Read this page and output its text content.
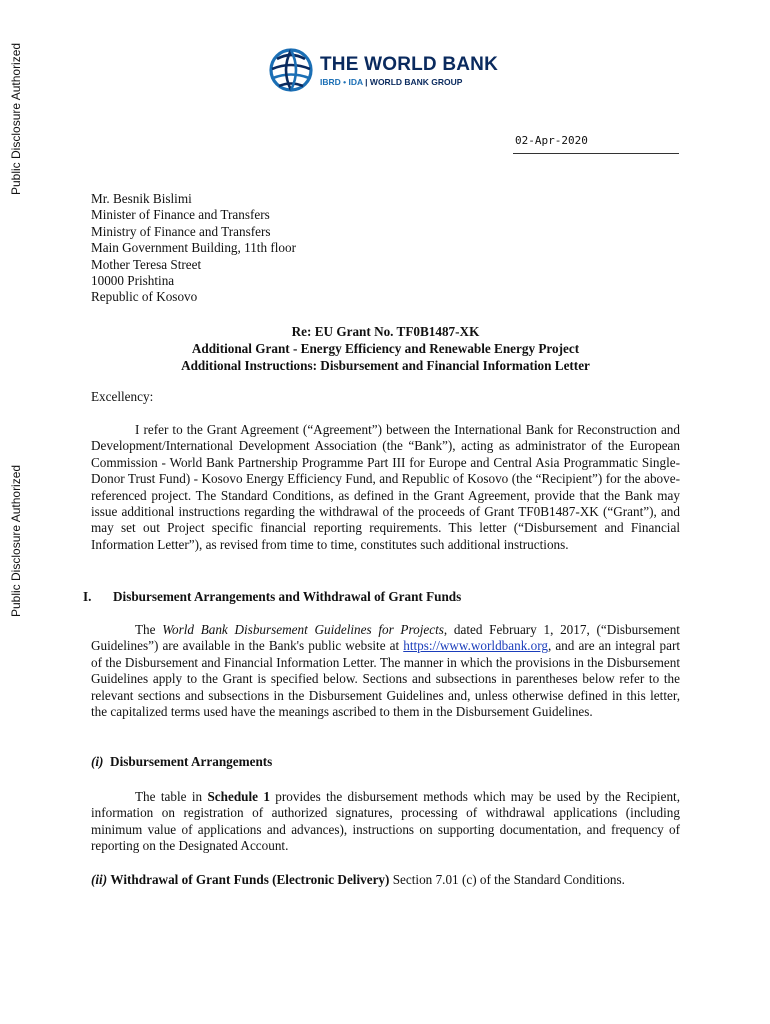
Public Disclosure Authorized
Public Disclosure Authorized
THE WORLD BANK
IBRD • IDA | WORLD BANK GROUP
02-Apr-2020
Mr. Besnik Bislimi
Minister of Finance and Transfers
Ministry of Finance and Transfers
Main Government Building, 11th floor
Mother Teresa Street
10000 Prishtina
Republic of Kosovo
Re: EU Grant No. TF0B1487-XK
Additional Grant - Energy Efficiency and Renewable Energy Project
Additional Instructions: Disbursement and Financial Information Letter
Excellency:
I refer to the Grant Agreement (“Agreement”) between the International Bank for Reconstruction and Development/International Development Association (the “Bank”), acting as administrator of the European Commission - World Bank Partnership Programme Part III for Europe and Central Asia Programmatic Single-Donor Trust Fund) - Kosovo Energy Efficiency Fund, and Republic of Kosovo (the “Recipient”) for the above-referenced project. The Standard Conditions, as defined in the Grant Agreement, provide that the Bank may issue additional instructions regarding the withdrawal of the proceeds of Grant TF0B1487-XK (“Grant”), and may set out Project specific financial reporting requirements. This letter (“Disbursement and Financial Information Letter”), as revised from time to time, constitutes such additional instructions.
I. Disbursement Arrangements and Withdrawal of Grant Funds
The World Bank Disbursement Guidelines for Projects, dated February 1, 2017, (“Disbursement Guidelines”) are available in the Bank's public website at https://www.worldbank.org, and are an integral part of the Disbursement and Financial Information Letter. The manner in which the provisions in the Disbursement Guidelines apply to the Grant is specified below. Sections and subsections in parentheses below refer to the relevant sections and subsections in the Disbursement Guidelines and, unless otherwise defined in this letter, the capitalized terms used have the meanings ascribed to them in the Disbursement Guidelines.
(i) Disbursement Arrangements
The table in Schedule 1 provides the disbursement methods which may be used by the Recipient, information on registration of authorized signatures, processing of withdrawal applications (including minimum value of applications and advances), instructions on supporting documentation, and frequency of reporting on the Designated Account.
(ii) Withdrawal of Grant Funds (Electronic Delivery) Section 7.01 (c) of the Standard Conditions.
